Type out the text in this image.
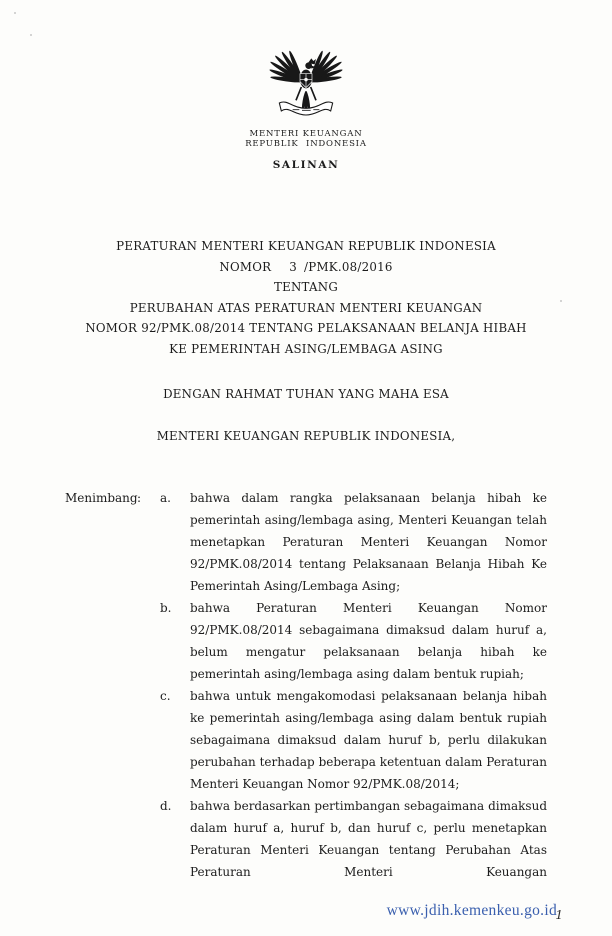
MENTERI KEUANGAN
REPUBLIK INDONESIA
SALINAN
PERATURAN MENTERI KEUANGAN REPUBLIK INDONESIA
NOMOR 3 /PMK.08/2016
TENTANG
PERUBAHAN ATAS PERATURAN MENTERI KEUANGAN
NOMOR 92/PMK.08/2014 TENTANG PELAKSANAAN BELANJA HIBAH
KE PEMERINTAH ASING/LEMBAGA ASING
DENGAN RAHMAT TUHAN YANG MAHA ESA
MENTERI KEUANGAN REPUBLIK INDONESIA,
Menimbang :	a.	bahwa dalam rangka pelaksanaan belanja hibah ke pemerintah asing/lembaga asing, Menteri Keuangan telah menetapkan Peraturan Menteri Keuangan Nomor 92/PMK.08/2014 tentang Pelaksanaan Belanja Hibah Ke Pemerintah Asing/Lembaga Asing;
b.	bahwa Peraturan Menteri Keuangan Nomor 92/PMK.08/2014 sebagaimana dimaksud dalam huruf a, belum mengatur pelaksanaan belanja hibah ke pemerintah asing/lembaga asing dalam bentuk rupiah;
c.	bahwa untuk mengakomodasi pelaksanaan belanja hibah ke pemerintah asing/lembaga asing dalam bentuk rupiah sebagaimana dimaksud dalam huruf b, perlu dilakukan perubahan terhadap beberapa ketentuan dalam Peraturan Menteri Keuangan Nomor 92/PMK.08/2014;
d.	bahwa berdasarkan pertimbangan sebagaimana dimaksud dalam huruf a, huruf b, dan huruf c, perlu menetapkan Peraturan Menteri Keuangan tentang Perubahan Atas Peraturan Menteri Keuangan
www.jdih.kemenkeu.go.id
1
